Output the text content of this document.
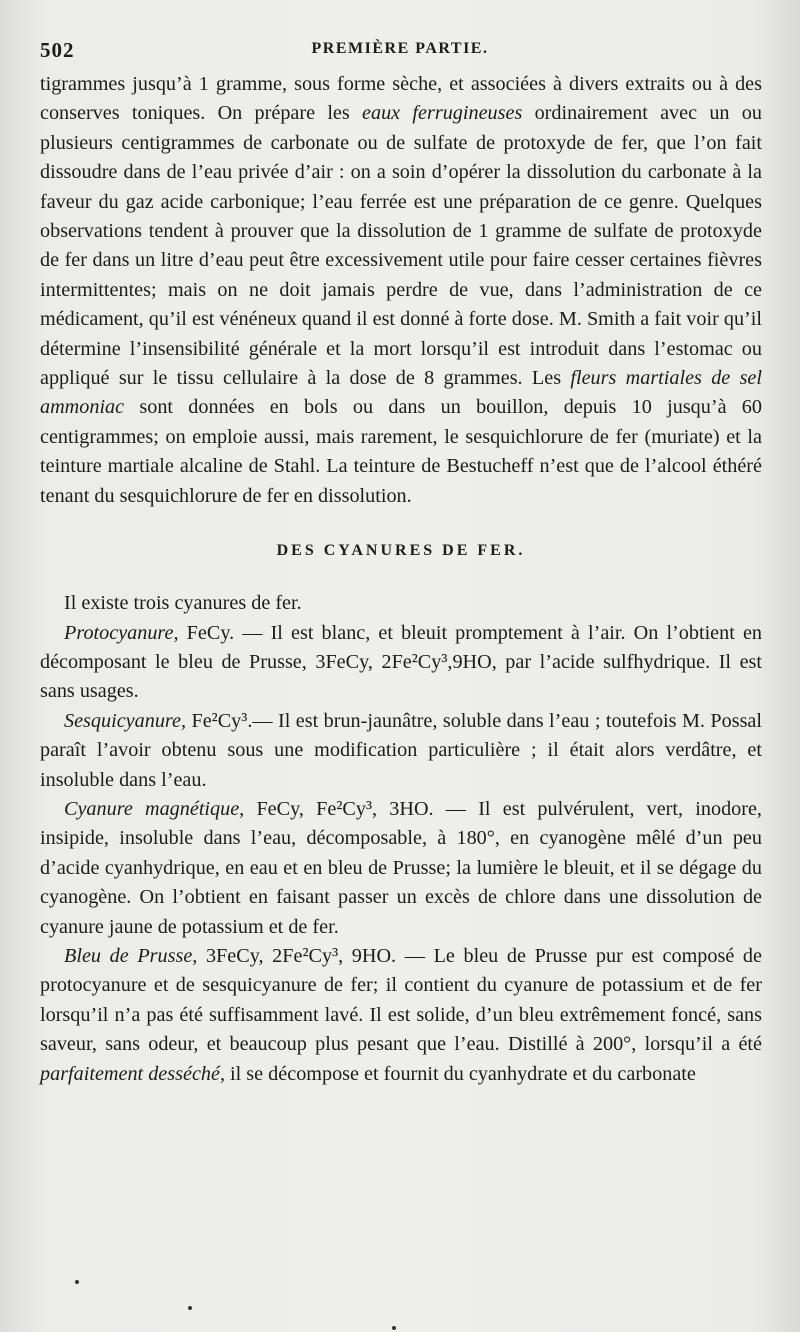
502	PREMIÈRE PARTIE.

tigrammes jusqu’à 1 gramme, sous forme sèche, et associées à divers extraits ou à des conserves toniques. On prépare les eaux ferrugineuses ordinairement avec un ou plusieurs centigrammes de carbonate ou de sulfate de protoxyde de fer, que l’on fait dissoudre dans de l’eau privée d’air : on a soin d’opérer la dissolution du carbonate à la faveur du gaz acide carbonique; l’eau ferrée est une préparation de ce genre. Quelques observations tendent à prouver que la dissolution de 1 gramme de sulfate de protoxyde de fer dans un litre d’eau peut être excessivement utile pour faire cesser certaines fièvres intermittentes; mais on ne doit jamais perdre de vue, dans l’administration de ce médicament, qu’il est vénéneux quand il est donné à forte dose. M. Smith a fait voir qu’il détermine l’insensibilité générale et la mort lorsqu’il est introduit dans l’estomac ou appliqué sur le tissu cellulaire à la dose de 8 grammes. Les fleurs martiales de sel ammoniac sont données en bols ou dans un bouillon, depuis 10 jusqu’à 60 centigrammes; on emploie aussi, mais rarement, le sesquichlorure de fer (muriate) et la teinture martiale alcaline de Stahl. La teinture de Bestucheff n’est que de l’alcool éthéré tenant du sesquichlorure de fer en dissolution.

DES CYANURES DE FER.

Il existe trois cyanures de fer.

Protocyanure, FeCy. — Il est blanc, et bleuit promptement à l’air. On l’obtient en décomposant le bleu de Prusse, 3FeCy, 2Fe²Cy³,9HO, par l’acide sulfhydrique. Il est sans usages.

Sesquicyanure, Fe²Cy³.— Il est brun-jaunâtre, soluble dans l’eau ; toutefois M. Possal paraît l’avoir obtenu sous une modification particulière ; il était alors verdâtre, et insoluble dans l’eau.

Cyanure magnétique, FeCy, Fe²Cy³, 3HO. — Il est pulvérulent, vert, inodore, insipide, insoluble dans l’eau, décomposable, à 180°, en cyanogène mêlé d’un peu d’acide cyanhydrique, en eau et en bleu de Prusse; la lumière le bleuit, et il se dégage du cyanogène. On l’obtient en faisant passer un excès de chlore dans une dissolution de cyanure jaune de potassium et de fer.

Bleu de Prusse, 3FeCy, 2Fe²Cy³, 9HO. — Le bleu de Prusse pur est composé de protocyanure et de sesquicyanure de fer; il contient du cyanure de potassium et de fer lorsqu’il n’a pas été suffisamment lavé. Il est solide, d’un bleu extrêmement foncé, sans saveur, sans odeur, et beaucoup plus pesant que l’eau. Distillé à 200°, lorsqu’il a été parfaitement desséché, il se décompose et fournit du cyanhydrate et du carbonate
